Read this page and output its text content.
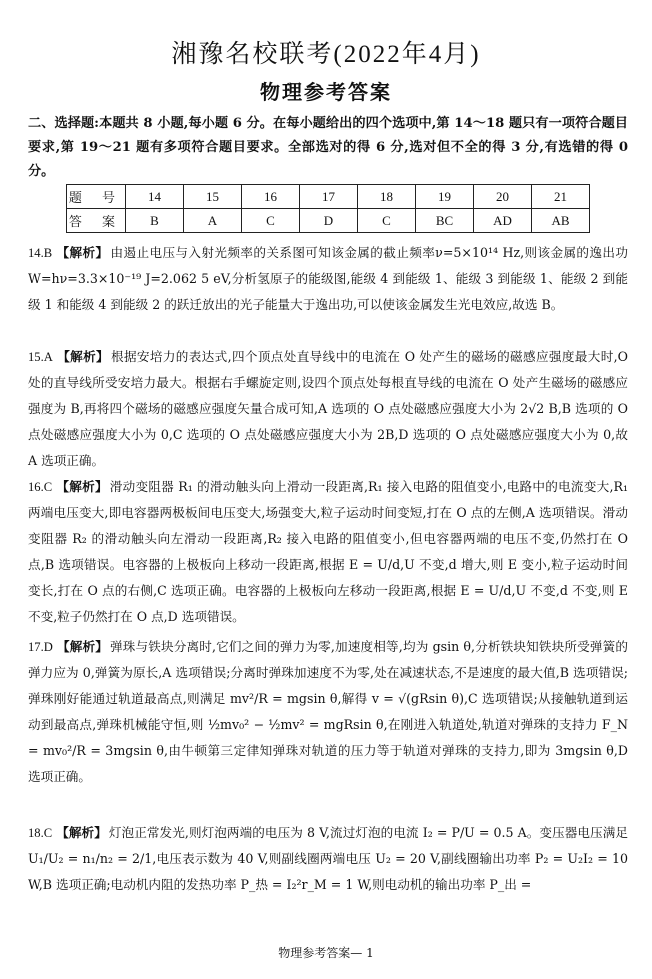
湘豫名校联考(2022年4月)
物理参考答案
二、选择题:本题共 8 小题,每小题 6 分。在每小题给出的四个选项中,第 14～18 题只有一项符合题目要求,第 19～21 题有多项符合题目要求。全部选对的得 6 分,选对但不全的得 3 分,有选错的得 0 分。
题 号	14	15	16	17	18	19	20	21
答 案	B	A	C	D	C	BC	AD	AB

14.B 【解析】 由遏止电压与入射光频率的关系图可知该金属的截止频率ν=5×10¹⁴ Hz,则该金属的逸出功 W=hν=3.3×10⁻¹⁹ J=2.062 5 eV,分析氢原子的能级图,能级 4 到能级 1、能级 3 到能级 1、能级 2 到能级 1 和能级 4 到能级 2 的跃迁放出的光子能量大于逸出功,可以使该金属发生光电效应,故选 B。

15.A 【解析】 根据安培力的表达式,四个顶点处直导线中的电流在 O 处产生的磁场的磁感应强度最大时,O 处的直导线所受安培力最大。根据右手螺旋定则,设四个顶点处每根直导线的电流在 O 处产生磁场的磁感应强度为 B,再将四个磁场的磁感应强度矢量合成可知,A 选项的 O 点处磁感应强度大小为 2√2 B,B 选项的 O 点处磁感应强度大小为 0,C 选项的 O 点处磁感应强度大小为 2B,D 选项的 O 点处磁感应强度大小为 0,故 A 选项正确。

16.C 【解析】 滑动变阻器 R₁ 的滑动触头向上滑动一段距离,R₁ 接入电路的阻值变小,电路中的电流变大,R₁ 两端电压变大,即电容器两极板间电压变大,场强变大,粒子运动时间变短,打在 O 点的左侧,A 选项错误。滑动变阻器 R₂ 的滑动触头向左滑动一段距离,R₂ 接入电路的阻值变小,但电容器两端的电压不变,仍然打在 O 点,B 选项错误。电容器的上极板向上移动一段距离,根据 E = U/d,U 不变,d 增大,则 E 变小,粒子运动时间变长,打在 O 点的右侧,C 选项正确。电容器的上极板向左移动一段距离,根据 E = U/d,U 不变,d 不变,则 E 不变,粒子仍然打在 O 点,D 选项错误。

17.D 【解析】 弹珠与铁块分离时,它们之间的弹力为零,加速度相等,均为 gsin θ,分析铁块知铁块所受弹簧的弹力应为 0,弹簧为原长,A 选项错误;分离时弹珠加速度不为零,处在减速状态,不是速度的最大值,B 选项错误;弹珠刚好能通过轨道最高点,则满足 mv²/R = mgsin θ,解得 v = √(gRsin θ),C 选项错误;从接触轨道到运动到最高点,弹珠机械能守恒,则 ½mv₀² − ½mv² = mgRsin θ,在刚进入轨道处,轨道对弹珠的支持力 F_N = mv₀²/R = 3mgsin θ,由牛顿第三定律知弹珠对轨道的压力等于轨道对弹珠的支持力,即为 3mgsin θ,D 选项正确。

18.C 【解析】 灯泡正常发光,则灯泡两端的电压为 8 V,流过灯泡的电流 I₂ = P/U = 0.5 A。变压器电压满足 U₁/U₂ = n₁/n₂ = 2/1,电压表示数为 40 V,则副线圈两端电压 U₂ = 20 V,副线圈输出功率 P₂ = U₂I₂ = 10 W,B 选项正确;电动机内阻的发热功率 P_热 = I₂²r_M = 1 W,则电动机的输出功率 P_出 =

物理参考答案— 1
